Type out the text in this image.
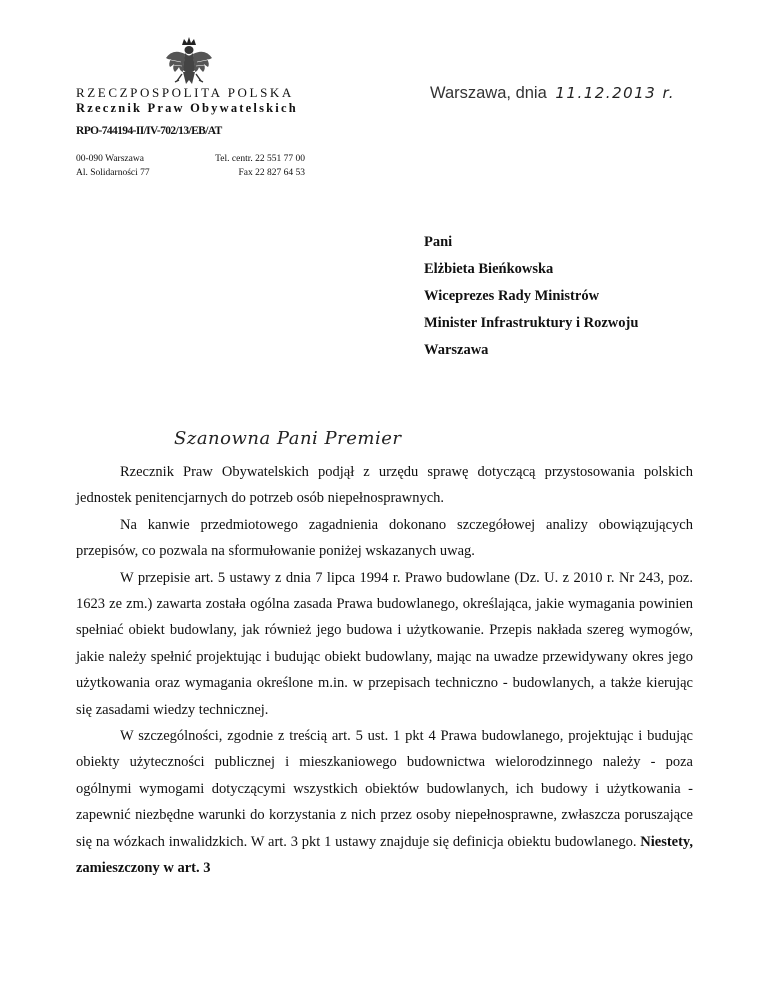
RZECZPOSPOLITA POLSKA
Rzecznik Praw Obywatelskich
RPO-744194-II/IV-702/13/EB/AT
00-090 Warszawa
Al. Solidarności 77
Tel. centr. 22 551 77 00
Fax 22 827 64 53
Warszawa, dnia 11.12.2013 r.
Pani
Elżbieta Bieńkowska
Wiceprezes Rady Ministrów
Minister Infrastruktury i Rozwoju
Warszawa
Szanowna Pani Premier

Rzecznik Praw Obywatelskich podjął z urzędu sprawę dotyczącą przystosowania polskich jednostek penitencjarnych do potrzeb osób niepełnosprawnych.

Na kanwie przedmiotowego zagadnienia dokonano szczegółowej analizy obowiązujących przepisów, co pozwala na sformułowanie poniżej wskazanych uwag.

W przepisie art. 5 ustawy z dnia 7 lipca 1994 r. Prawo budowlane (Dz. U. z 2010 r. Nr 243, poz. 1623 ze zm.) zawarta została ogólna zasada Prawa budowlanego, określająca, jakie wymagania powinien spełniać obiekt budowlany, jak również jego budowa i użytkowanie. Przepis nakłada szereg wymogów, jakie należy spełnić projektując i budując obiekt budowlany, mając na uwadze przewidywany okres jego użytkowania oraz wymagania określone m.in. w przepisach techniczno - budowlanych, a także kierując się zasadami wiedzy technicznej.

W szczególności, zgodnie z treścią art. 5 ust. 1 pkt 4 Prawa budowlanego, projektując i budując obiekty użyteczności publicznej i mieszkaniowego budownictwa wielorodzinnego należy - poza ogólnymi wymogami dotyczącymi wszystkich obiektów budowlanych, ich budowy i użytkowania - zapewnić niezbędne warunki do korzystania z nich przez osoby niepełnosprawne, zwłaszcza poruszające się na wózkach inwalidzkich. W art. 3 pkt 1 ustawy znajduje się definicja obiektu budowlanego. Niestety, zamieszczony w art. 3
